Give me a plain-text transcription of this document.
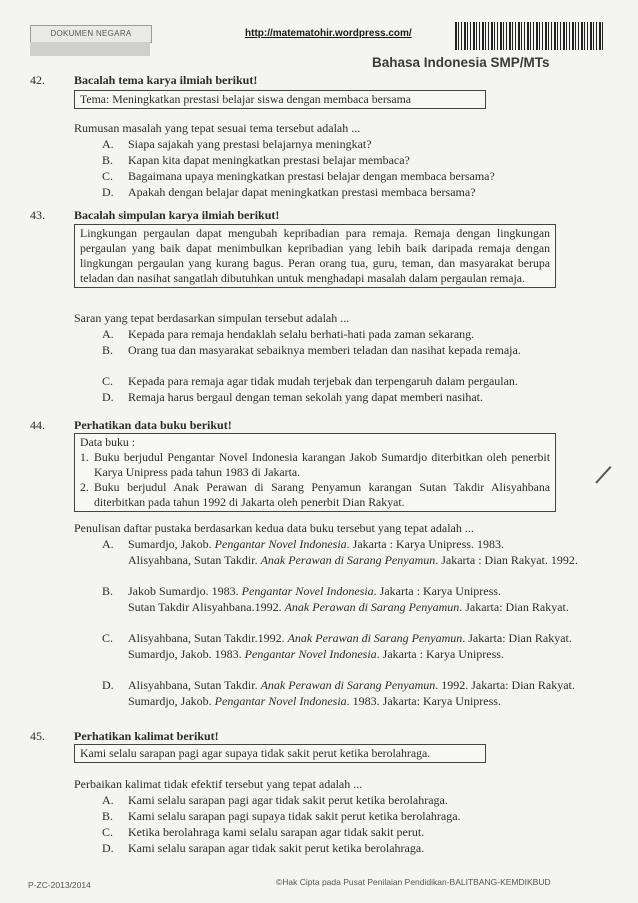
DOKUMEN NEGARA	http://matematohir.wordpress.com/
Bahasa Indonesia SMP/MTs
42.	Bacalah tema karya ilmiah berikut!
Tema: Meningkatkan prestasi belajar siswa dengan membaca bersama
Rumusan masalah yang tepat sesuai tema tersebut adalah ...
A.	Siapa sajakah yang prestasi belajarnya meningkat?
B.	Kapan kita dapat meningkatkan prestasi belajar membaca?
C.	Bagaimana upaya meningkatkan prestasi belajar dengan membaca bersama?
D.	Apakah dengan belajar dapat meningkatkan prestasi membaca bersama?
43.	Bacalah simpulan karya ilmiah berikut!
Lingkungan pergaulan dapat mengubah kepribadian para remaja. Remaja dengan lingkungan pergaulan yang baik dapat menimbulkan kepribadian yang lebih baik daripada remaja dengan lingkungan pergaulan yang kurang bagus. Peran orang tua, guru, teman, dan masyarakat berupa teladan dan nasihat sangatlah dibutuhkan untuk menghadapi masalah dalam pergaulan remaja.
Saran yang tepat berdasarkan simpulan tersebut adalah ...
A.	Kepada para remaja hendaklah selalu berhati-hati pada zaman sekarang.
B.	Orang tua dan masyarakat sebaiknya memberi teladan dan nasihat kepada remaja.
C.	Kepada para remaja agar tidak mudah terjebak dan terpengaruh dalam pergaulan.
D.	Remaja harus bergaul dengan teman sekolah yang dapat memberi nasihat.
44.	Perhatikan data buku berikut!
Data buku :
1. Buku berjudul Pengantar Novel Indonesia karangan Jakob Sumardjo diterbitkan oleh penerbit Karya Unipress pada tahun 1983 di Jakarta.
2. Buku berjudul Anak Perawan di Sarang Penyamun karangan Sutan Takdir Alisyahbana diterbitkan pada tahun 1992 di Jakarta oleh penerbit Dian Rakyat.
Penulisan daftar pustaka berdasarkan kedua data buku tersebut yang tepat adalah ...
A.	Sumardjo, Jakob. Pengantar Novel Indonesia. Jakarta : Karya Unipress. 1983.
Alisyahbana, Sutan Takdir. Anak Perawan di Sarang Penyamun. Jakarta : Dian Rakyat. 1992.
B.	Jakob Sumardjo. 1983. Pengantar Novel Indonesia. Jakarta : Karya Unipress.
Sutan Takdir Alisyahbana.1992. Anak Perawan di Sarang Penyamun. Jakarta: Dian Rakyat.
C.	Alisyahbana, Sutan Takdir.1992. Anak Perawan di Sarang Penyamun. Jakarta: Dian Rakyat.
Sumardjo, Jakob. 1983. Pengantar Novel Indonesia. Jakarta : Karya Unipress.
D.	Alisyahbana, Sutan Takdir. Anak Perawan di Sarang Penyamun. 1992. Jakarta: Dian Rakyat.
Sumardjo, Jakob. Pengantar Novel Indonesia. 1983. Jakarta: Karya Unipress.
45.	Perhatikan kalimat berikut!
Kami selalu sarapan pagi agar supaya tidak sakit perut ketika berolahraga.
Perbaikan kalimat tidak efektif tersebut yang tepat adalah ...
A.	Kami selalu sarapan pagi agar tidak sakit perut ketika berolahraga.
B.	Kami selalu sarapan pagi supaya tidak sakit perut ketika berolahraga.
C.	Ketika berolahraga kami selalu sarapan agar tidak sakit perut.
D.	Kami selalu sarapan agar tidak sakit perut ketika berolahraga.
P-ZC-2013/2014	©Hak Cipta pada Pusat Penilaian Pendidikan-BALITBANG-KEMDIKBUD
